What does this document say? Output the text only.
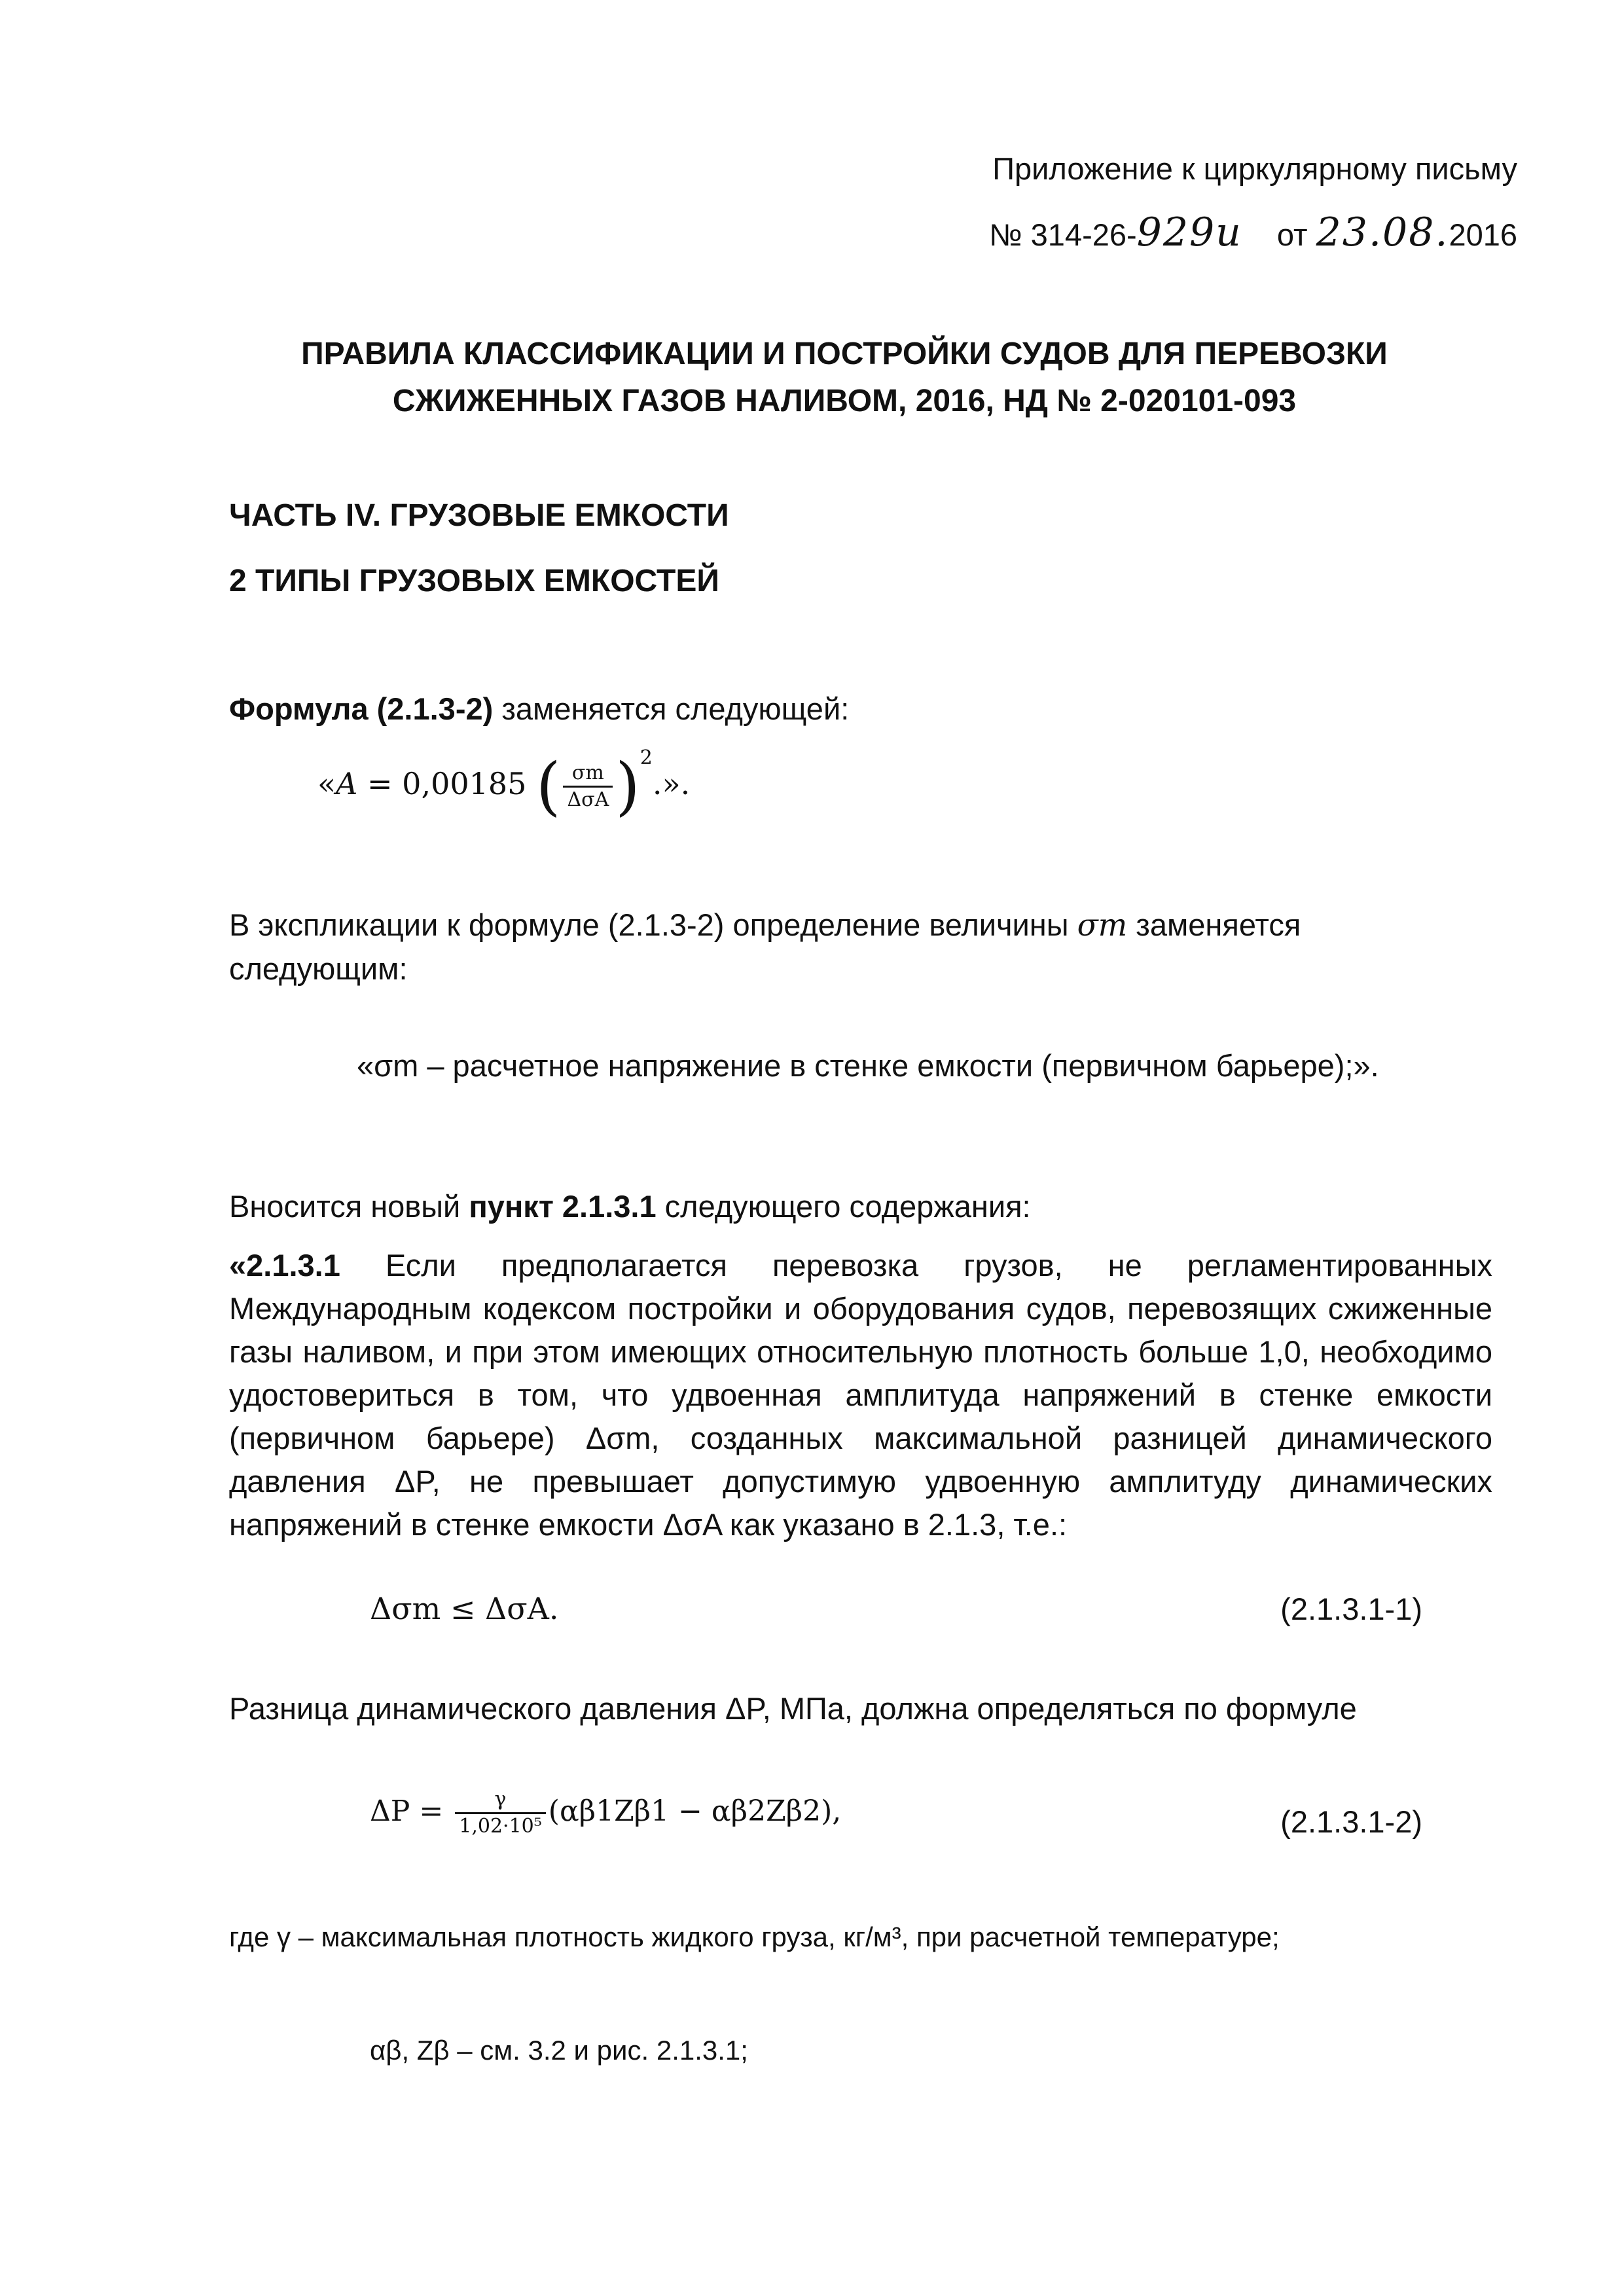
Приложение к циркулярному письму
№ 314-26-929и от 23.08.2016
ПРАВИЛА КЛАССИФИКАЦИИ И ПОСТРОЙКИ СУДОВ ДЛЯ ПЕРЕВОЗКИ
СЖИЖЕННЫХ ГАЗОВ НАЛИВОМ, 2016, НД № 2-020101-093
ЧАСТЬ IV. ГРУЗОВЫЕ ЕМКОСТИ
2 ТИПЫ ГРУЗОВЫХ ЕМКОСТЕЙ
Формула (2.1.3-2) заменяется следующей:
«A = 0,00185 ( $\frac{\sigma m}{\text{ΔσA}} )^2$.».
В экспликации к формуле (2.1.3-2) определение величины σm заменяется следующим:
«σm – расчетное напряжение в стенке емкости (первичном барьере);».
Вносится новый пункт 2.1.3.1 следующего содержания:
«2.1.3.1 Если предполагается перевозка грузов, не регламентированных Международным кодексом постройки и оборудования судов, перевозящих сжиженные газы наливом, и при этом имеющих относительную плотность больше 1,0, необходимо удостовериться в том, что удвоенная амплитуда напряжений в стенке емкости (первичном барьере) Δσm, созданных максимальной разницей динамического давления ΔP, не превышает допустимую удвоенную амплитуду динамических напряжений в стенке емкости ΔσA как указано в 2.1.3, т.е.:
Δσm ≤ ΔσA.	(2.1.3.1-1)
Разница динамического давления ΔP, МПа, должна определяться по формуле
$\Delta P = \frac{\gamma}{\text{1,02·10⁵}} (\alpha\beta 1Z\beta 1 - \alpha\beta 2Z\beta 2)$,	(2.1.3.1-2)
где γ – максимальная плотность жидкого груза, кг/м³, при расчетной температуре;
αβ, Zβ – см. 3.2 и рис. 2.1.3.1;
